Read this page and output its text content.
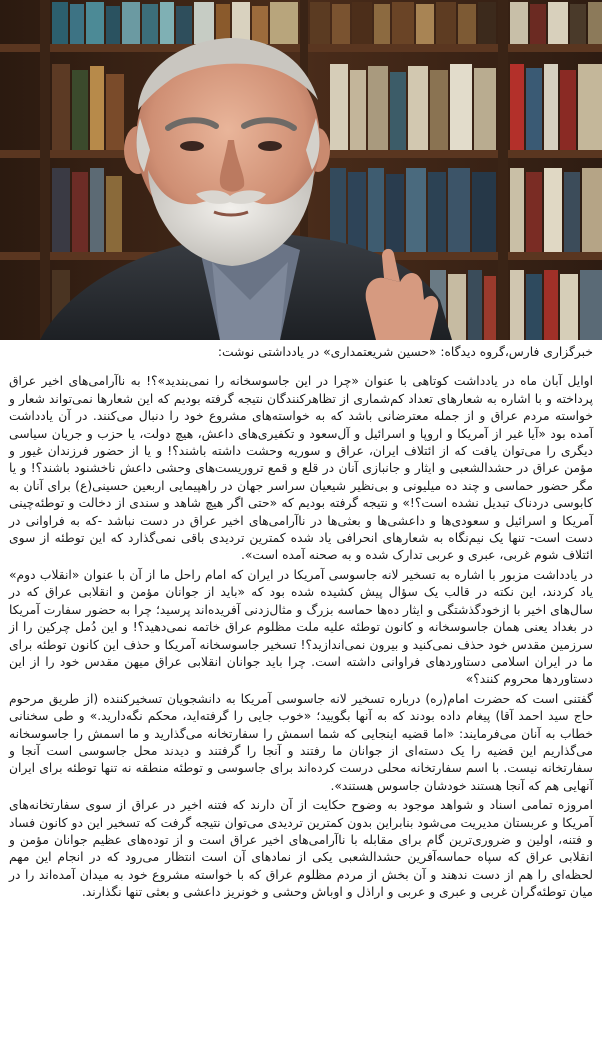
خبرگزاری فارس،گروه دیدگاه: «حسین شریعتمداری» در یادداشتی نوشت:

اوایل آبان ماه در یادداشت کوتاهی با عنوان «چرا در این جاسوسخانه را نمی‌بندید»؟! به ناآرامی‌های اخیر عراق پرداخته و با اشاره به شعارهای تعداد کم‌شماری از تظاهرکنندگان نتیجه گرفته بودیم که این شعارها نمی‌تواند شعار و خواسته مردم عراق و از جمله معترضانی باشد که به خواسته‌های مشروع خود را دنبال می‌کنند. در آن یادداشت آمده بود «آیا غیر از آمریکا و اروپا و اسرائیل و آل‌سعود و تکفیری‌های داعش، هیچ دولت، یا حزب و جریان سیاسی دیگری را می‌توان یافت که از ائتلاف ایران، عراق و سوریه وحشت داشته باشند؟! و یا از حضور فرزندان غیور و مؤمن عراق در حشدالشعبی و ایثار و جانبازی آنان در قلع و قمع تروریست‌های وحشی داعش ناخشنود باشند؟! و یا مگر حضور حماسی و چند ده میلیونی و بی‌نظیر شیعیان سراسر جهان در راهپیمایی اربعین حسینی(ع) برای آنان به کابوسی دردناک تبدیل نشده است؟!» و نتیجه گرفته بودیم که «حتی اگر هیچ شاهد و سندی از دخالت و توطئه‌چینی آمریکا و اسرائیل و سعودی‌ها و داعشی‌ها و بعثی‌ها در ناآرامی‌های اخیر عراق در دست نباشد -که به فراوانی در دست است- تنها یک نیم‌نگاه به شعارهای انحرافی یاد شده کمترین تردیدی باقی نمی‌گذارد که این توطئه از سوی ائتلاف شوم غربی، عبری و عربی تدارک شده و به صحنه آمده است».

در یادداشت مزبور با اشاره به تسخیر لانه جاسوسی آمریکا در ایران که امام راحل ما از آن با عنوان «انقلاب دوم» یاد کردند، این نکته در قالب یک سؤال پیش کشیده شده بود که «باید از جوانان مؤمن و انقلابی عراق که در سال‌های اخیر با ازخودگذشتگی و ایثار ده‌ها حماسه بزرگ و مثال‌زدنی آفریده‌اند پرسید؛ چرا به حضور سفارت آمریکا در بغداد یعنی همان جاسوسخانه و کانون توطئه علیه ملت مظلوم عراق خاتمه نمی‌دهید؟! و این دُمل چرکین را از سرزمین مقدس خود حذف نمی‌کنید و بیرون نمی‌اندازید؟! تسخیر جاسوسخانه آمریکا و حذف این کانون توطئه برای ما در ایران اسلامی دستاوردهای فراوانی داشته است. چرا باید جوانان انقلابی عراق میهن مقدس خود را از این دستاوردها محروم کنند؟»

گفتنی است که حضرت امام(ره) درباره تسخیر لانه جاسوسی آمریکا به دانشجویان تسخیرکننده (از طریق مرحوم حاج سید احمد آقا) پیغام داده بودند که به آنها بگویید؛ «خوب جایی را گرفته‌اید، محکم نگه‌دارید.» و طی سخنانی خطاب به آنان می‌فرمایند: «اما قضیه اینجایی که شما اسمش را سفارتخانه می‌گذارید و ما اسمش را جاسوسخانه می‌گذاریم این قضیه را یک دسته‌ای از جوانان ما رفتند و آنجا را گرفتند و دیدند محل جاسوسی است آنجا و سفارتخانه نیست. با اسم سفارتخانه محلی درست کرده‌اند برای جاسوسی و توطئه منطقه نه تنها توطئه برای ایران آنهایی هم که آنجا هستند خودشان جاسوس هستند».

امروزه تمامی اسناد و شواهد موجود به وضوح حکایت از آن دارند که فتنه اخیر در عراق از سوی سفارتخانه‌های آمریکا و عربستان مدیریت می‌شود بنابراین بدون کمترین تردیدی می‌توان نتیجه گرفت که تسخیر این دو کانون فساد و فتنه، اولین و ضروری‌ترین گام برای مقابله با ناآرامی‌های اخیر عراق است و از توده‌های عظیم جوانان مؤمن و انقلابی عراق که سپاه حماسه‌آفرین حشدالشعبی یکی از نمادهای آن است انتظار می‌رود که در انجام این مهم لحظه‌ای را هم از دست ندهند و آن بخش از مردم مظلوم عراق که با خواسته مشروع خود به میدان آمده‌اند را در میان توطئه‌گران غربی و عبری و عربی و اراذل و اوباش وحشی و خونریز داعشی و بعثی تنها نگذارند.
